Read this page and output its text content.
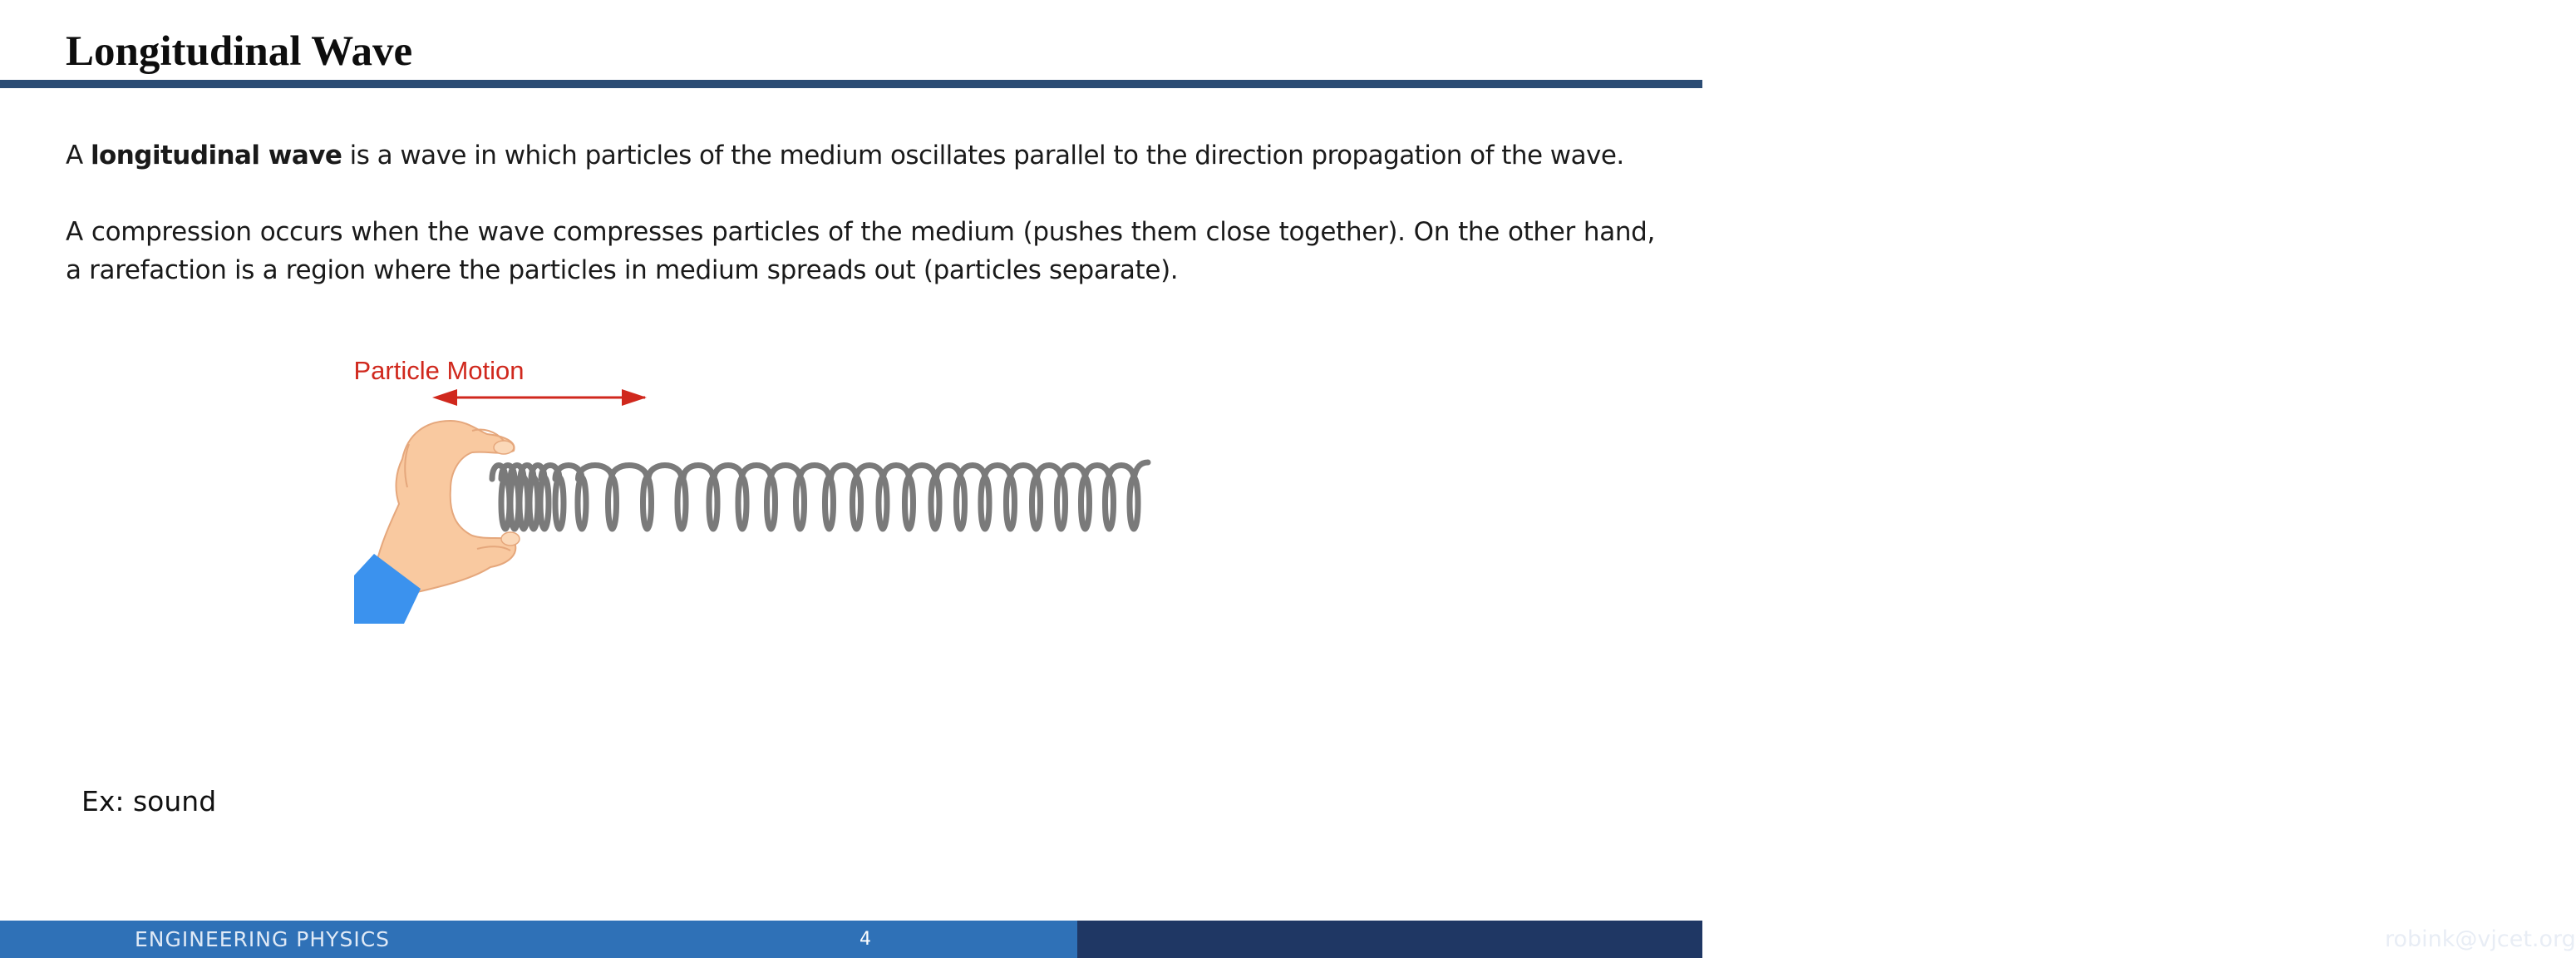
Longitudinal Wave

A longitudinal wave is a wave in which particles of the medium oscillates parallel to the direction propagation of the wave.

A compression occurs when the wave compresses particles of the medium (pushes them close together). On the other hand, a rarefaction is a region where the particles in medium spreads out (particles separate).

Particle Motion

Ex: sound

ENGINEERING PHYSICS	4	robink@vjcet.org
